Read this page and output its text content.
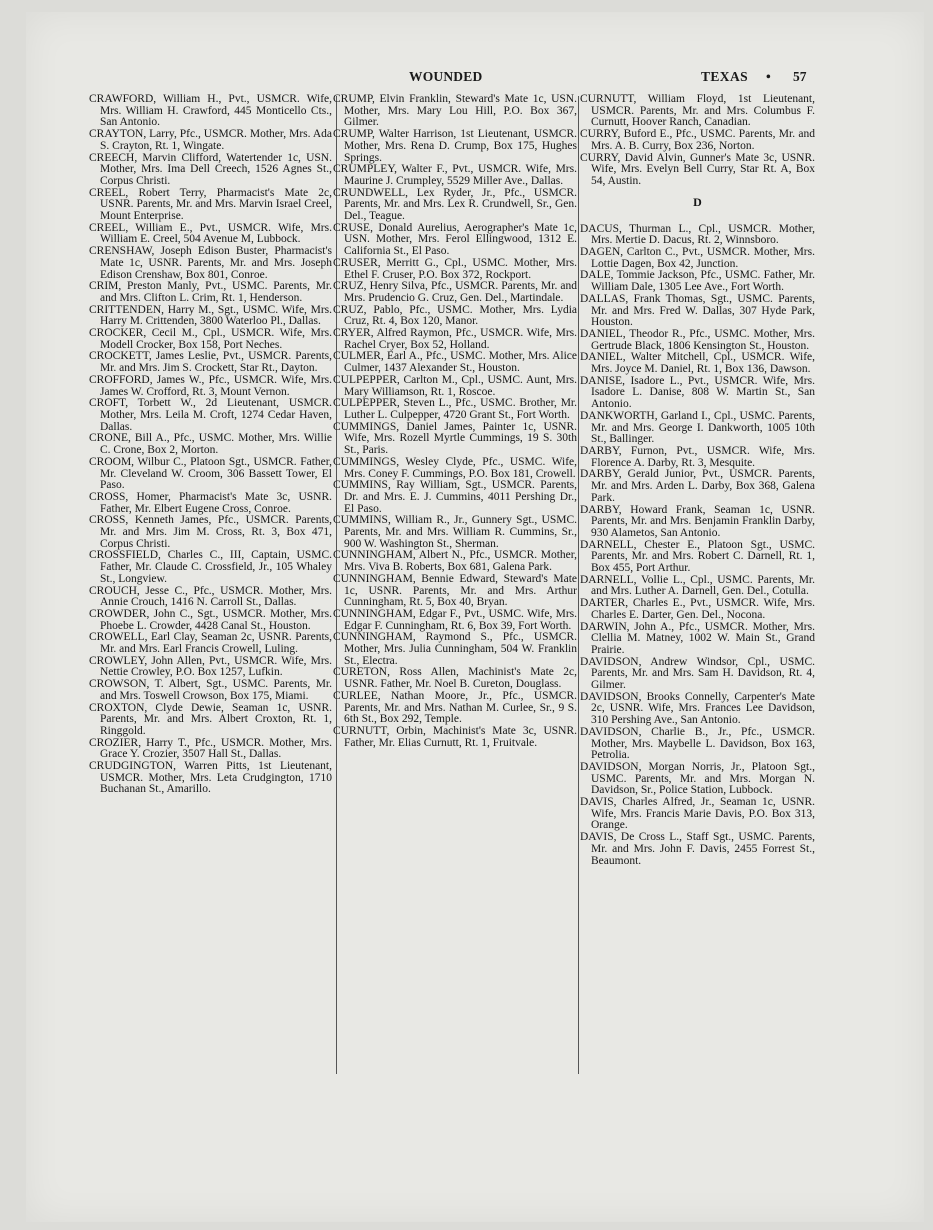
WOUNDED	TEXAS • 57

CRAWFORD, William H., Pvt., USMCR. Wife, Mrs. William H. Crawford, 445 Monticello Cts., San Antonio.

CRAYTON, Larry, Pfc., USMCR. Mother, Mrs. Ada S. Crayton, Rt. 1, Wingate.

CREECH, Marvin Clifford, Watertender 1c, USN. Mother, Mrs. Ima Dell Creech, 1526 Agnes St., Corpus Christi.

CREEL, Robert Terry, Pharmacist's Mate 2c, USNR. Parents, Mr. and Mrs. Marvin Israel Creel, Mount Enterprise.

CREEL, William E., Pvt., USMCR. Wife, Mrs. William E. Creel, 504 Avenue M, Lubbock.

CRENSHAW, Joseph Edison Buster, Pharmacist's Mate 1c, USNR. Parents, Mr. and Mrs. Joseph Edison Crenshaw, Box 801, Conroe.

CRIM, Preston Manly, Pvt., USMC. Parents, Mr. and Mrs. Clifton L. Crim, Rt. 1, Henderson.

CRITTENDEN, Harry M., Sgt., USMC. Wife, Mrs. Harry M. Crittenden, 3800 Waterloo Pl., Dallas.

CROCKER, Cecil M., Cpl., USMCR. Wife, Mrs. Modell Crocker, Box 158, Port Neches.

CROCKETT, James Leslie, Pvt., USMCR. Parents, Mr. and Mrs. Jim S. Crockett, Star Rt., Dayton.

CROFFORD, James W., Pfc., USMCR. Wife, Mrs. James W. Crofford, Rt. 3, Mount Vernon.

CROFT, Torbett W., 2d Lieutenant, USMCR. Mother, Mrs. Leila M. Croft, 1274 Cedar Haven, Dallas.

CRONE, Bill A., Pfc., USMC. Mother, Mrs. Willie C. Crone, Box 2, Morton.

CROOM, Wilbur C., Platoon Sgt., USMCR. Father, Mr. Cleveland W. Croom, 306 Bassett Tower, El Paso.

CROSS, Homer, Pharmacist's Mate 3c, USNR. Father, Mr. Elbert Eugene Cross, Conroe.

CROSS, Kenneth James, Pfc., USMCR. Parents, Mr. and Mrs. Jim M. Cross, Rt. 3, Box 471, Corpus Christi.

CROSSFIELD, Charles C., III, Captain, USMC. Father, Mr. Claude C. Crossfield, Jr., 105 Whaley St., Longview.

CROUCH, Jesse C., Pfc., USMCR. Mother, Mrs. Annie Crouch, 1416 N. Carroll St., Dallas.

CROWDER, John C., Sgt., USMCR. Mother, Mrs. Phoebe L. Crowder, 4428 Canal St., Houston.

CROWELL, Earl Clay, Seaman 2c, USNR. Parents, Mr. and Mrs. Earl Francis Crowell, Luling.

CROWLEY, John Allen, Pvt., USMCR. Wife, Mrs. Nettie Crowley, P.O. Box 1257, Lufkin.

CROWSON, T. Albert, Sgt., USMC. Parents, Mr. and Mrs. Toswell Crowson, Box 175, Miami.

CROXTON, Clyde Dewie, Seaman 1c, USNR. Parents, Mr. and Mrs. Albert Croxton, Rt. 1, Ringgold.

CROZIER, Harry T., Pfc., USMCR. Mother, Mrs. Grace Y. Crozier, 3507 Hall St., Dallas.

CRUDGINGTON, Warren Pitts, 1st Lieutenant, USMCR. Mother, Mrs. Leta Crudgington, 1710 Buchanan St., Amarillo.

CRUMP, Elvin Franklin, Steward's Mate 1c, USN. Mother, Mrs. Mary Lou Hill, P.O. Box 367, Gilmer.

CRUMP, Walter Harrison, 1st Lieutenant, USMCR. Mother, Mrs. Rena D. Crump, Box 175, Hughes Springs.

CRUMPLEY, Walter F., Pvt., USMCR. Wife, Mrs. Maurine J. Crumpley, 5529 Miller Ave., Dallas.

CRUNDWELL, Lex Ryder, Jr., Pfc., USMCR. Parents, Mr. and Mrs. Lex R. Crundwell, Sr., Gen. Del., Teague.

CRUSE, Donald Aurelius, Aerographer's Mate 1c, USN. Mother, Mrs. Ferol Ellingwood, 1312 E. California St., El Paso.

CRUSER, Merritt G., Cpl., USMC. Mother, Mrs. Ethel F. Cruser, P.O. Box 372, Rockport.

CRUZ, Henry Silva, Pfc., USMCR. Parents, Mr. and Mrs. Prudencio G. Cruz, Gen. Del., Martindale.

CRUZ, Pablo, Pfc., USMC. Mother, Mrs. Lydia Cruz, Rt. 4, Box 120, Manor.

CRYER, Alfred Raymon, Pfc., USMCR. Wife, Mrs. Rachel Cryer, Box 52, Holland.

CULMER, Earl A., Pfc., USMC. Mother, Mrs. Alice Culmer, 1437 Alexander St., Houston.

CULPEPPER, Carlton M., Cpl., USMC. Aunt, Mrs. Mary Williamson, Rt. 1, Roscoe.

CULPEPPER, Steven L., Pfc., USMC. Brother, Mr. Luther L. Culpepper, 4720 Grant St., Fort Worth.

CUMMINGS, Daniel James, Painter 1c, USNR. Wife, Mrs. Rozell Myrtle Cummings, 19 S. 30th St., Paris.

CUMMINGS, Wesley Clyde, Pfc., USMC. Wife, Mrs. Coney F. Cummings, P.O. Box 181, Crowell.

CUMMINS, Ray William, Sgt., USMCR. Parents, Dr. and Mrs. E. J. Cummins, 4011 Pershing Dr., El Paso.

CUMMINS, William R., Jr., Gunnery Sgt., USMC. Parents, Mr. and Mrs. William R. Cummins, Sr., 900 W. Washington St., Sherman.

CUNNINGHAM, Albert N., Pfc., USMCR. Mother, Mrs. Viva B. Roberts, Box 681, Galena Park.

CUNNINGHAM, Bennie Edward, Steward's Mate 1c, USNR. Parents, Mr. and Mrs. Arthur Cunningham, Rt. 5, Box 40, Bryan.

CUNNINGHAM, Edgar F., Pvt., USMC. Wife, Mrs. Edgar F. Cunningham, Rt. 6, Box 39, Fort Worth.

CUNNINGHAM, Raymond S., Pfc., USMCR. Mother, Mrs. Julia Cunningham, 504 W. Franklin St., Electra.

CURETON, Ross Allen, Machinist's Mate 2c, USNR. Father, Mr. Noel B. Cureton, Douglass.

CURLEE, Nathan Moore, Jr., Pfc., USMCR. Parents, Mr. and Mrs. Nathan M. Curlee, Sr., 9 S. 6th St., Box 292, Temple.

CURNUTT, Orbin, Machinist's Mate 3c, USNR. Father, Mr. Elias Curnutt, Rt. 1, Fruitvale.

CURNUTT, William Floyd, 1st Lieutenant, USMCR. Parents, Mr. and Mrs. Columbus F. Curnutt, Hoover Ranch, Canadian.

CURRY, Buford E., Pfc., USMC. Parents, Mr. and Mrs. A. B. Curry, Box 236, Norton.

CURRY, David Alvin, Gunner's Mate 3c, USNR. Wife, Mrs. Evelyn Bell Curry, Star Rt. A, Box 54, Austin.

D

DACUS, Thurman L., Cpl., USMCR. Mother, Mrs. Mertie D. Dacus, Rt. 2, Winnsboro.

DAGEN, Carlton C., Pvt., USMCR. Mother, Mrs. Lottie Dagen, Box 42, Junction.

DALE, Tommie Jackson, Pfc., USMC. Father, Mr. William Dale, 1305 Lee Ave., Fort Worth.

DALLAS, Frank Thomas, Sgt., USMC. Parents, Mr. and Mrs. Fred W. Dallas, 307 Hyde Park, Houston.

DANIEL, Theodor R., Pfc., USMC. Mother, Mrs. Gertrude Black, 1806 Kensington St., Houston.

DANIEL, Walter Mitchell, Cpl., USMCR. Wife, Mrs. Joyce M. Daniel, Rt. 1, Box 136, Dawson.

DANISE, Isadore L., Pvt., USMCR. Wife, Mrs. Isadore L. Danise, 808 W. Martin St., San Antonio.

DANKWORTH, Garland I., Cpl., USMC. Parents, Mr. and Mrs. George I. Dankworth, 1005 10th St., Ballinger.

DARBY, Furnon, Pvt., USMCR. Wife, Mrs. Florence A. Darby, Rt. 3, Mesquite.

DARBY, Gerald Junior, Pvt., USMCR. Parents, Mr. and Mrs. Arden L. Darby, Box 368, Galena Park.

DARBY, Howard Frank, Seaman 1c, USNR. Parents, Mr. and Mrs. Benjamin Franklin Darby, 930 Alametos, San Antonio.

DARNELL, Chester E., Platoon Sgt., USMC. Parents, Mr. and Mrs. Robert C. Darnell, Rt. 1, Box 455, Port Arthur.

DARNELL, Vollie L., Cpl., USMC. Parents, Mr. and Mrs. Luther A. Darnell, Gen. Del., Cotulla.

DARTER, Charles E., Pvt., USMCR. Wife, Mrs. Charles E. Darter, Gen. Del., Nocona.

DARWIN, John A., Pfc., USMCR. Mother, Mrs. Clellia M. Matney, 1002 W. Main St., Grand Prairie.

DAVIDSON, Andrew Windsor, Cpl., USMC. Parents, Mr. and Mrs. Sam H. Davidson, Rt. 4, Gilmer.

DAVIDSON, Brooks Connelly, Carpenter's Mate 2c, USNR. Wife, Mrs. Frances Lee Davidson, 310 Pershing Ave., San Antonio.

DAVIDSON, Charlie B., Jr., Pfc., USMCR. Mother, Mrs. Maybelle L. Davidson, Box 163, Petrolia.

DAVIDSON, Morgan Norris, Jr., Platoon Sgt., USMC. Parents, Mr. and Mrs. Morgan N. Davidson, Sr., Police Station, Lubbock.

DAVIS, Charles Alfred, Jr., Seaman 1c, USNR. Wife, Mrs. Francis Marie Davis, P.O. Box 313, Orange.

DAVIS, De Cross L., Staff Sgt., USMC. Parents, Mr. and Mrs. John F. Davis, 2455 Forrest St., Beaumont.
